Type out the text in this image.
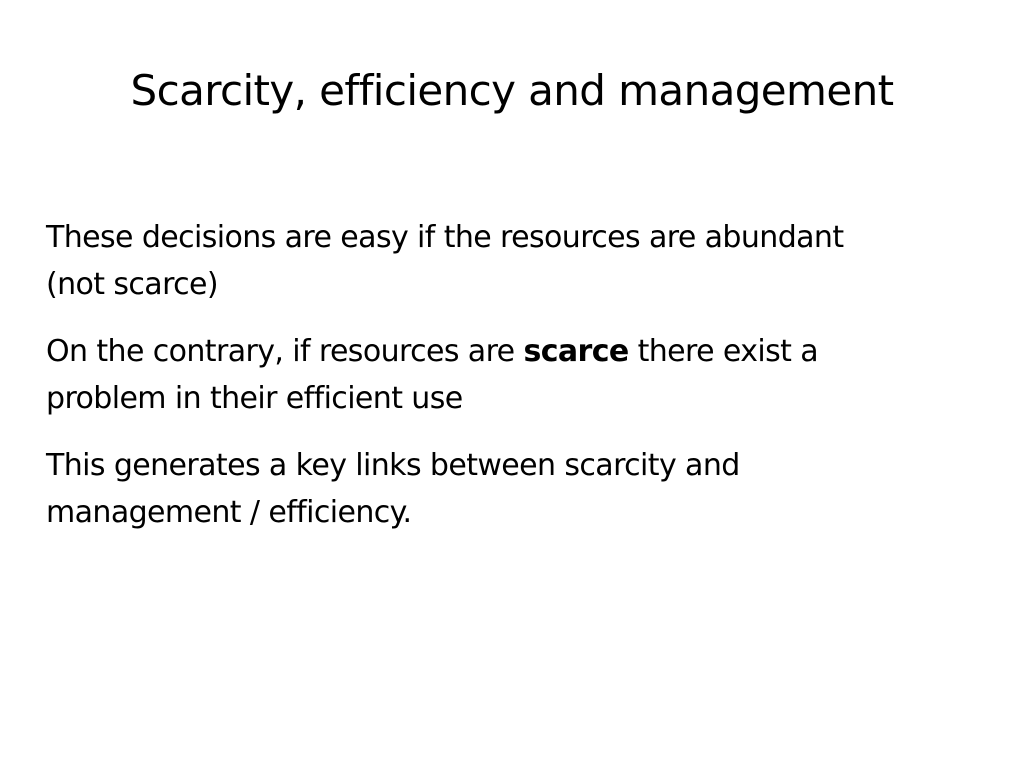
Scarcity, efficiency and management

These decisions are easy if the resources are abundant
(not scarce)

On the contrary, if resources are scarce there exist a
problem in their efficient use

This generates a key links between scarcity and
management / efficiency.
